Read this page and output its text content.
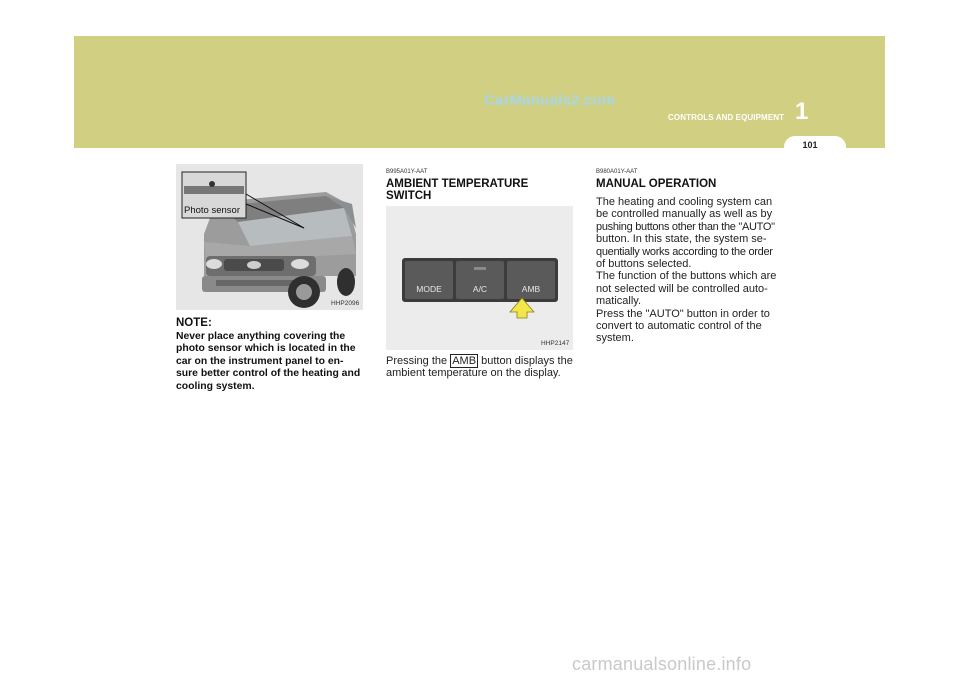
CarManuals2.com
CONTROLS AND EQUIPMENT 1
101
Photo sensor
HHP2096
NOTE:
Never place anything covering the
photo sensor which is located in the
car on the instrument panel to en-
sure better control of the heating and
cooling system.
B995A01Y-AAT
AMBIENT TEMPERATURE
SWITCH
MODE	A/C	AMB
HHP2147
Pressing the AMB button displays the
ambient temperature on the display.
B980A01Y-AAT
MANUAL OPERATION
The heating and cooling system can
be controlled manually as well as by
pushing buttons other than the "AUTO"
button. In this state, the system se-
quentially works according to the order
of buttons selected.
The function of the buttons which are
not selected will be controlled auto-
matically.
Press the "AUTO" button in order to
convert to automatic control of the
system.
carmanualsonline.info
